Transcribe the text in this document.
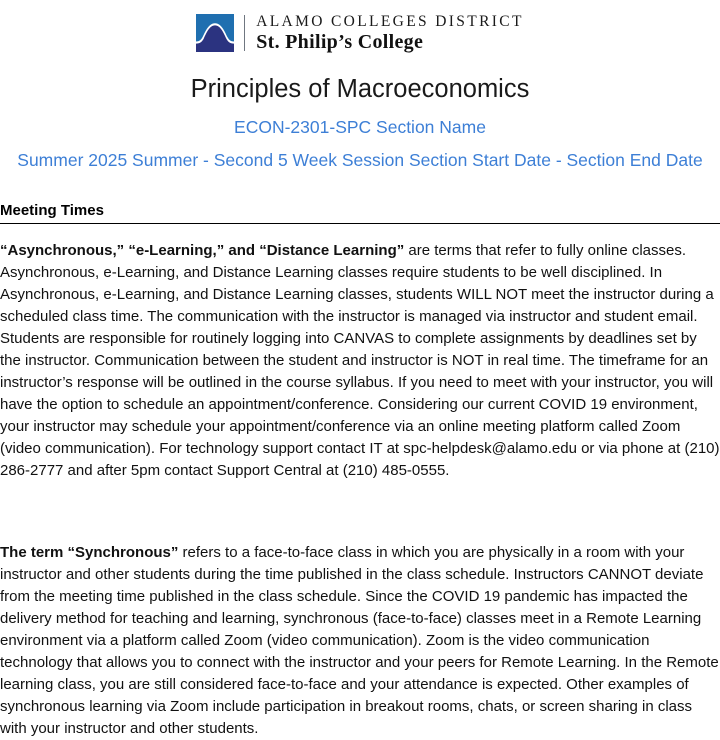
ALAMO COLLEGES DISTRICT
St. Philip’s College
Principles of Macroeconomics
ECON-2301-SPC Section Name
Summer 2025 Summer - Second 5 Week Session Section Start Date - Section End Date
Meeting Times

“Asynchronous,” “e-Learning,” and “Distance Learning” are terms that refer to fully online classes. Asynchronous, e-Learning, and Distance Learning classes require students to be well disciplined. In Asynchronous, e-Learning, and Distance Learning classes, students WILL NOT meet the instructor during a scheduled class time. The communication with the instructor is managed via instructor and student email. Students are responsible for routinely logging into CANVAS to complete assignments by deadlines set by the instructor. Communication between the student and instructor is NOT in real time. The timeframe for an instructor’s response will be outlined in the course syllabus. If you need to meet with your instructor, you will have the option to schedule an appointment/conference. Considering our current COVID 19 environment, your instructor may schedule your appointment/conference via an online meeting platform called Zoom (video communication). For technology support contact IT at spc-helpdesk@alamo.edu or via phone at (210) 286-2777 and after 5pm contact Support Central at (210) 485-0555.

The term “Synchronous” refers to a face-to-face class in which you are physically in a room with your instructor and other students during the time published in the class schedule. Instructors CANNOT deviate from the meeting time published in the class schedule. Since the COVID 19 pandemic has impacted the delivery method for teaching and learning, synchronous (face-to-face) classes meet in a Remote Learning environment via a platform called Zoom (video communication). Zoom is the video communication technology that allows you to connect with the instructor and your peers for Remote Learning. In the Remote learning class, you are still considered face-to-face and your attendance is expected. Other examples of synchronous learning via Zoom include participation in breakout rooms, chats, or screen sharing in class with your instructor and other students.
